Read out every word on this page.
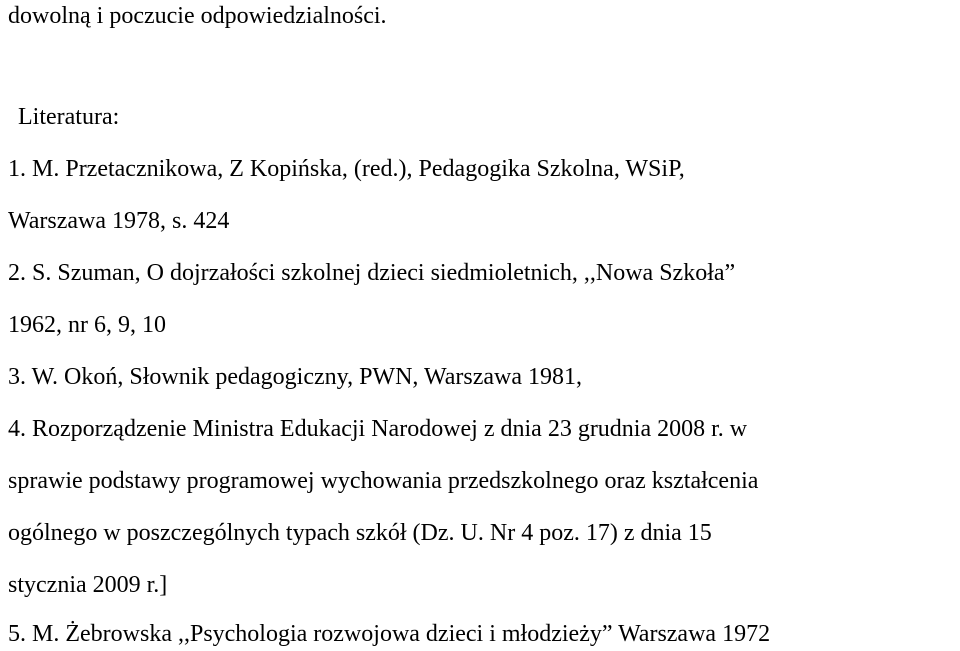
dowolną i poczucie odpowiedzialności.
Literatura:
1. M. Przetacznikowa, Z Kopińska, (red.), Pedagogika Szkolna, WSiP,
Warszawa 1978, s. 424
2. S. Szuman, O dojrzałości szkolnej dzieci siedmioletnich, ,,Nowa Szkoła”
1962, nr 6, 9, 10
3. W. Okoń, Słownik pedagogiczny, PWN, Warszawa 1981,
4. Rozporządzenie Ministra Edukacji Narodowej z dnia 23 grudnia 2008 r. w
sprawie podstawy programowej wychowania przedszkolnego oraz kształcenia
ogólnego w poszczególnych typach szkół (Dz. U. Nr 4 poz. 17) z dnia 15
stycznia 2009 r.]
5. M. Żebrowska ,,Psychologia rozwojowa dzieci i młodzieży” Warszawa 1972
